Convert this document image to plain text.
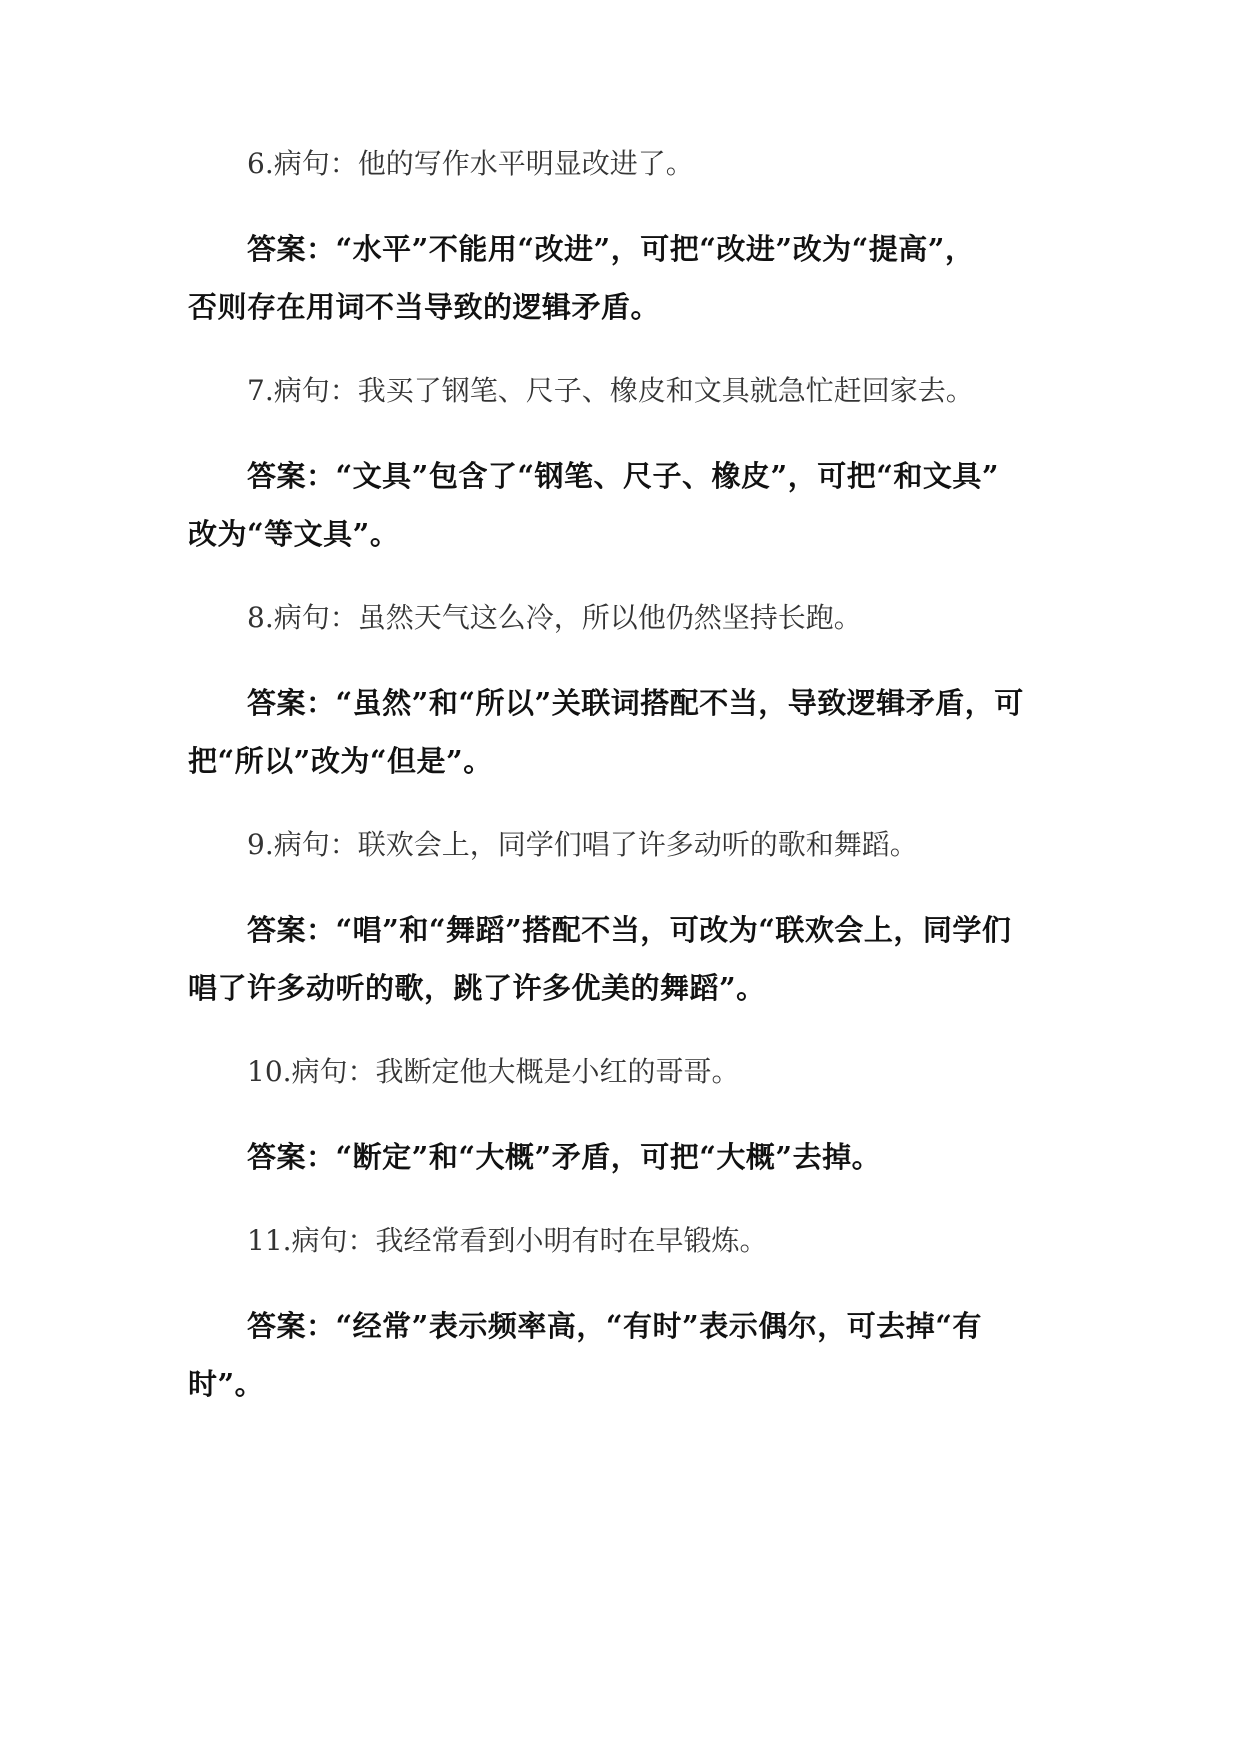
6.病句：他的写作水平明显改进了。
答案：“水平”不能用“改进”，可把“改进”改为“提高”，
否则存在用词不当导致的逻辑矛盾。
7.病句：我买了钢笔、尺子、橡皮和文具就急忙赶回家去。
答案：“文具”包含了“钢笔、尺子、橡皮”，可把“和文具”
改为“等文具”。
8.病句：虽然天气这么冷，所以他仍然坚持长跑。
答案：“虽然”和“所以”关联词搭配不当，导致逻辑矛盾，可
把“所以”改为“但是”。
9.病句：联欢会上，同学们唱了许多动听的歌和舞蹈。
答案：“唱”和“舞蹈”搭配不当，可改为“联欢会上，同学们
唱了许多动听的歌，跳了许多优美的舞蹈”。
10.病句：我断定他大概是小红的哥哥。
答案：“断定”和“大概”矛盾，可把“大概”去掉。
11.病句：我经常看到小明有时在早锻炼。
答案：“经常”表示频率高，“有时”表示偶尔，可去掉“有
时”。
